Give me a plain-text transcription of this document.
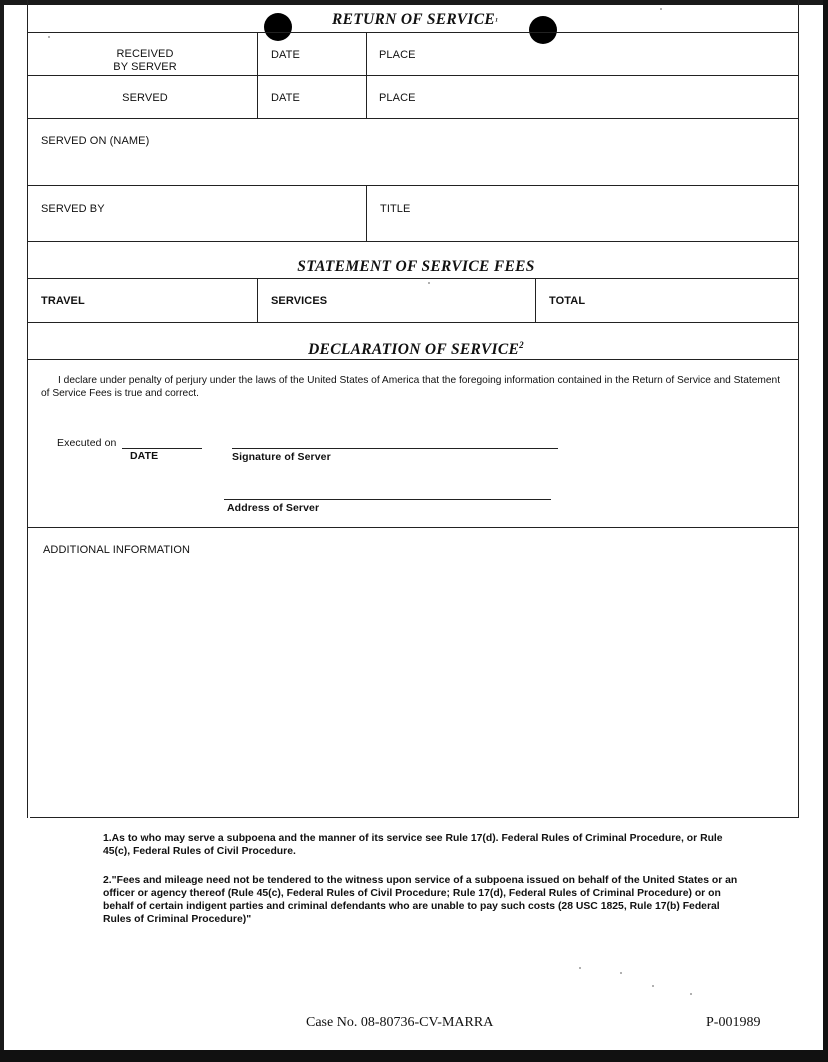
RETURN OF SERVICE¹
RECEIVED
BY SERVER
DATE	PLACE
SERVED	DATE	PLACE
SERVED ON (NAME)
SERVED BY	TITLE
STATEMENT OF SERVICE FEES
TRAVEL	SERVICES	TOTAL
DECLARATION OF SERVICE$^2$
I declare under penalty of perjury under the laws of the United States of America that the foregoing information contained in the Return of Service and Statement of Service Fees is true and correct.
Executed on
DATE	Signature of Server
Address of Server
ADDITIONAL INFORMATION
1.As to who may serve a subpoena and the manner of its service see Rule 17(d). Federal Rules of Criminal Procedure, or Rule 45(c), Federal Rules of Civil Procedure.
2."Fees and mileage need not be tendered to the witness upon service of a subpoena issued on behalf of the United States or an officer or agency thereof (Rule 45(c), Federal Rules of Civil Procedure; Rule 17(d), Federal Rules of Criminal Procedure) or on behalf of certain indigent parties and criminal defendants who are unable to pay such costs (28 USC 1825, Rule 17(b) Federal Rules of Criminal Procedure)"
Case No. 08-80736-CV-MARRA	P-001989
